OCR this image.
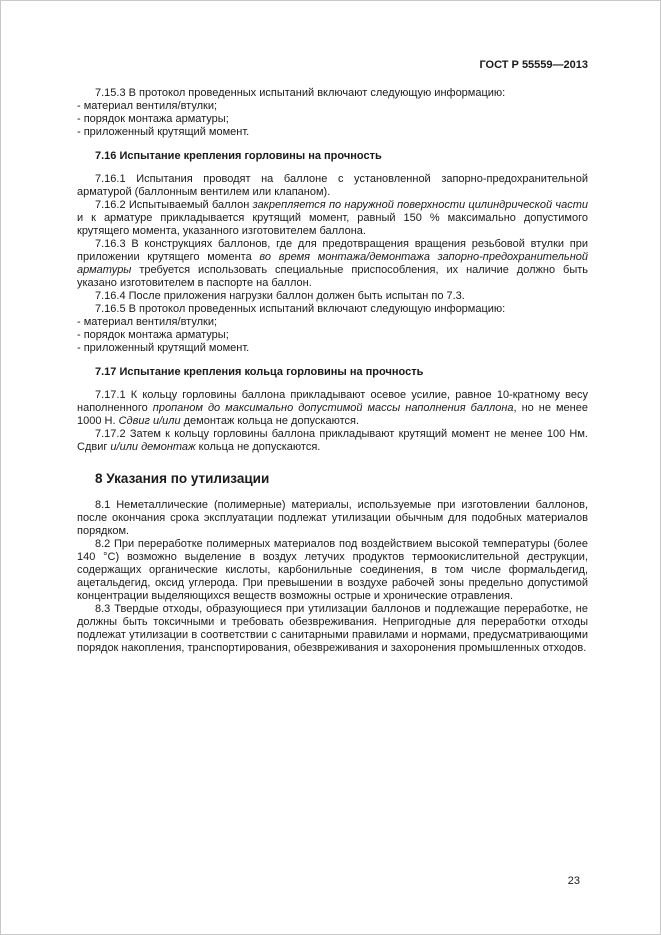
ГОСТ Р 55559—2013

7.15.3 В протокол проведенных испытаний включают следующую информацию:

- материал вентиля/втулки;

- порядок монтажа арматуры;

- приложенный крутящий момент.

7.16 Испытание крепления горловины на прочность

7.16.1 Испытания проводят на баллоне с установленной запорно-предохранительной арматурой (баллонным вентилем или клапаном).

7.16.2 Испытываемый баллон закрепляется по наружной поверхности цилиндрической части и к арматуре прикладывается крутящий момент, равный 150 % максимально допустимого крутящего момента, указанного изготовителем баллона.

7.16.3 В конструкциях баллонов, где для предотвращения вращения резьбовой втулки при приложении крутящего момента во время монтажа/демонтажа запорно-предохранительной арматуры требуется использовать специальные приспособления, их наличие должно быть указано изготовителем в паспорте на баллон.

7.16.4 После приложения нагрузки баллон должен быть испытан по 7.3.

7.16.5 В протокол проведенных испытаний включают следующую информацию:

- материал вентиля/втулки;

- порядок монтажа арматуры;

- приложенный крутящий момент.

7.17 Испытание крепления кольца горловины на прочность

7.17.1 К кольцу горловины баллона прикладывают осевое усилие, равное 10-кратному весу наполненного пропаном до максимально допустимой массы наполнения баллона, но не менее 1000 Н. Сдвиг и/или демонтаж кольца не допускаются.

7.17.2 Затем к кольцу горловины баллона прикладывают крутящий момент не менее 100 Нм. Сдвиг и/или демонтаж кольца не допускаются.

8 Указания по утилизации

8.1 Неметаллические (полимерные) материалы, используемые при изготовлении баллонов, после окончания срока эксплуатации подлежат утилизации обычным для подобных материалов порядком.

8.2 При переработке полимерных материалов под воздействием высокой температуры (более 140 °С) возможно выделение в воздух летучих продуктов термоокислительной деструкции, содержащих органические кислоты, карбонильные соединения, в том числе формальдегид, ацетальдегид, оксид углерода. При превышении в воздухе рабочей зоны предельно допустимой концентрации выделяющихся веществ возможны острые и хронические отравления.

8.3 Твердые отходы, образующиеся при утилизации баллонов и подлежащие переработке, не должны быть токсичными и требовать обезвреживания. Непригодные для переработки отходы подлежат утилизации в соответствии с санитарными правилами и нормами, предусматривающими порядок накопления, транспортирования, обезвреживания и захоронения промышленных отходов.

23
